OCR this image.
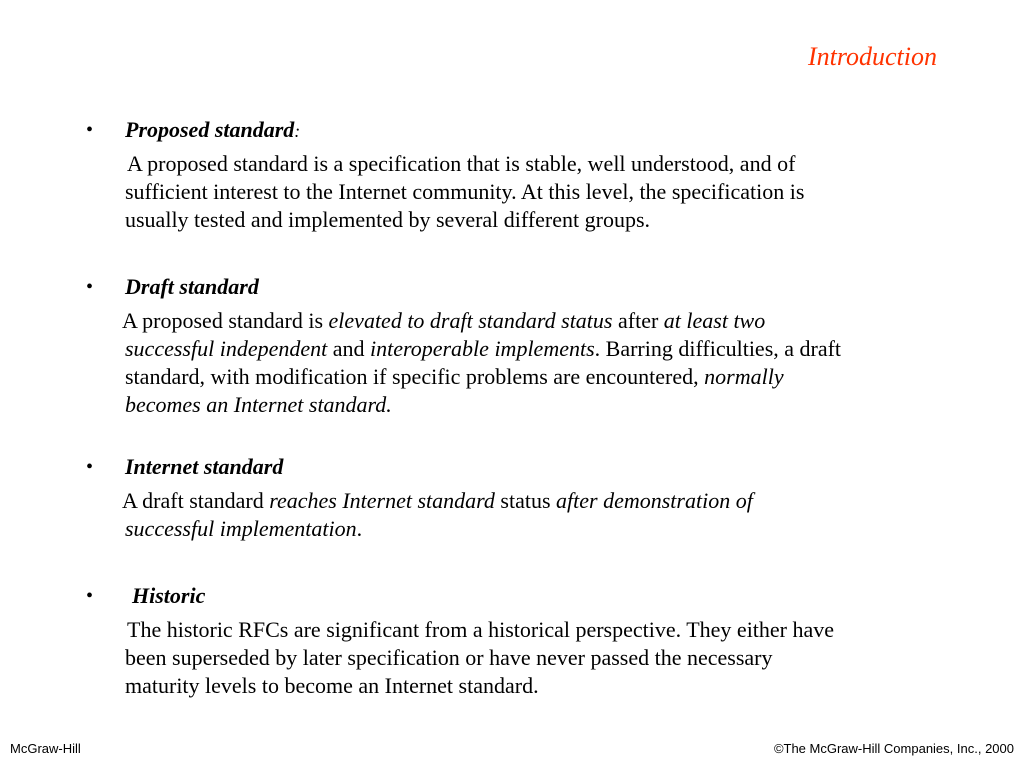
Introduction
• Proposed standard:

A proposed standard is a specification that is stable, well understood, and of

sufficient interest to the Internet community. At this level, the specification is

usually tested and implemented by several different groups.

• Draft standard

A proposed standard is elevated to draft standard status after at least two

successful independent and interoperable implements. Barring difficulties, a draft

standard, with modification if specific problems are encountered, normally

becomes an Internet standard.

• Internet standard

A draft standard reaches Internet standard status after demonstration of

successful implementation.

• Historic

The historic RFCs are significant from a historical perspective. They either have

been superseded by later specification or have never passed the necessary

maturity levels to become an Internet standard.

McGraw-Hill	©The McGraw-Hill Companies, Inc., 2000
